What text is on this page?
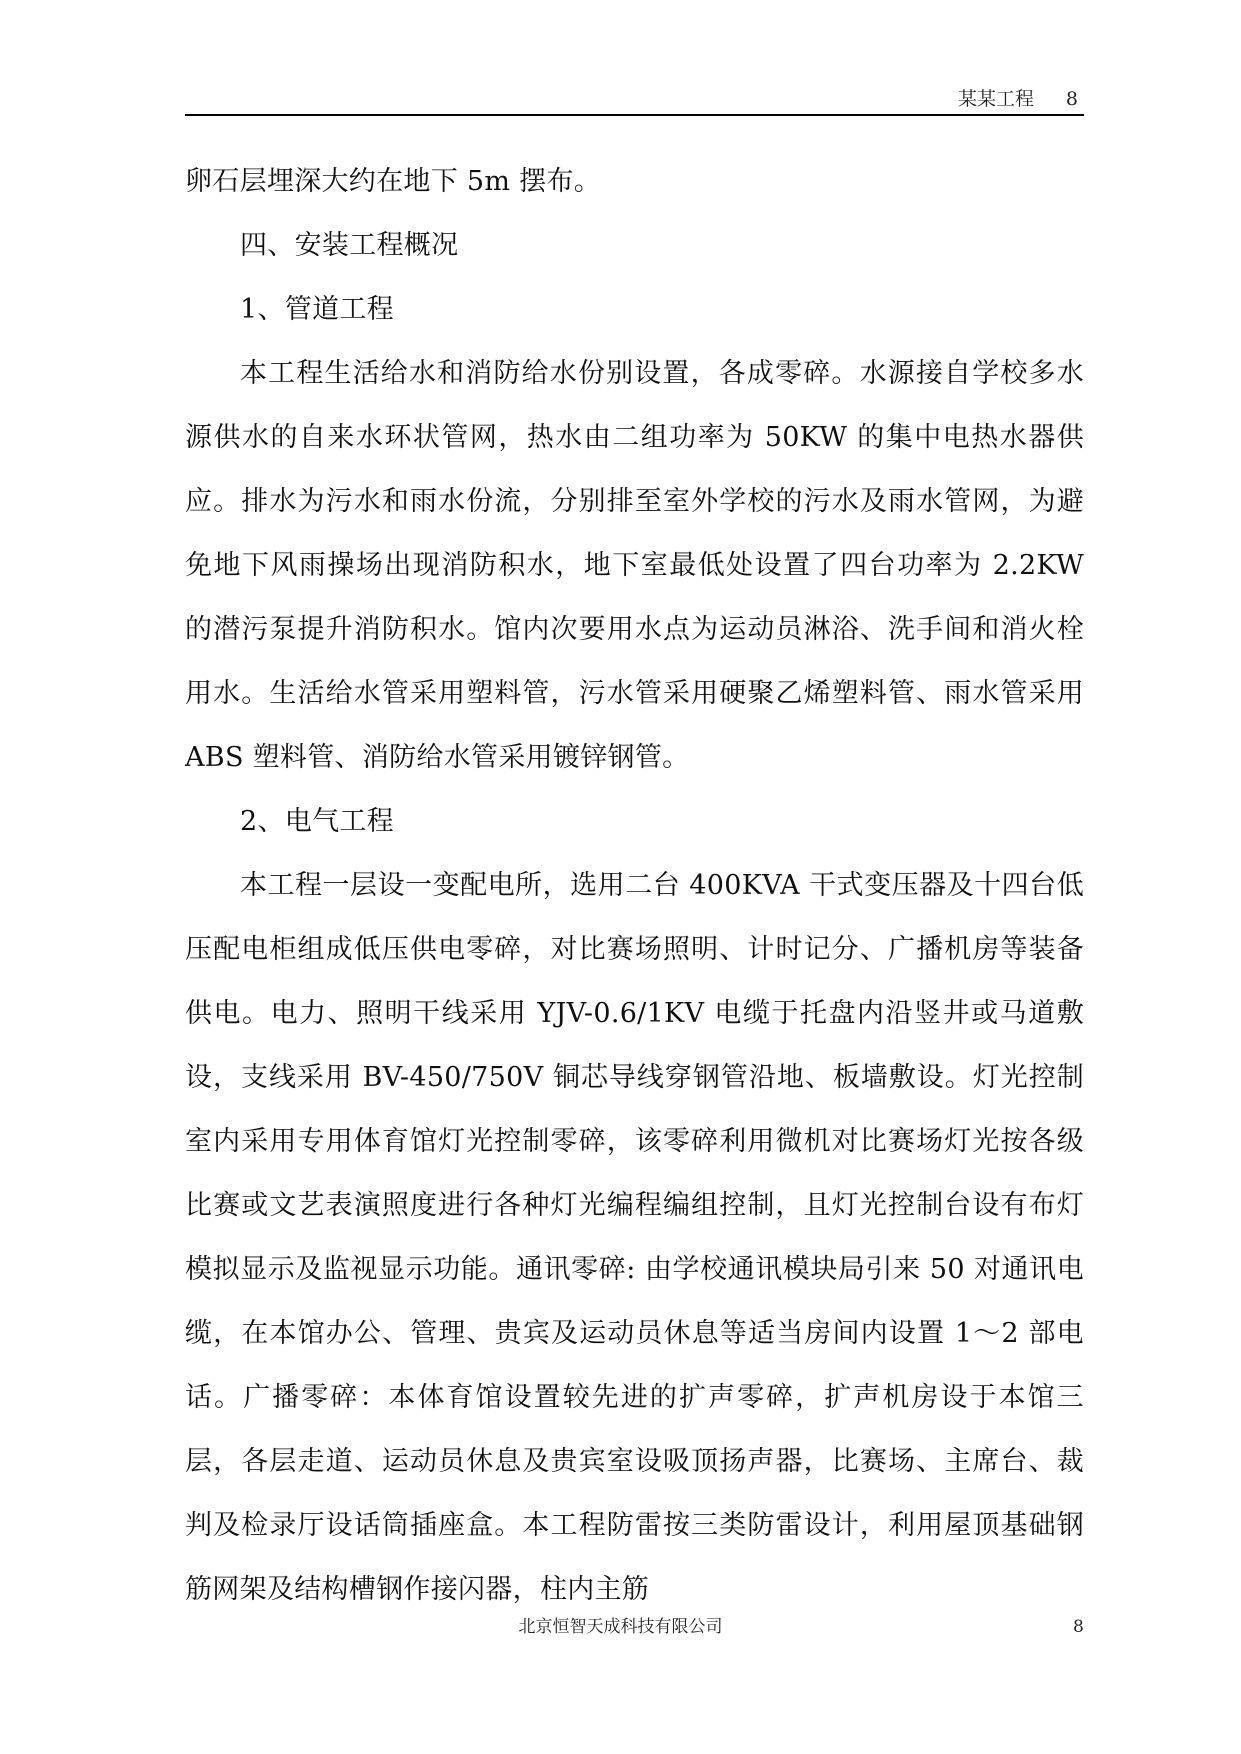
某某工程 8

卵石层埋深大约在地下 5m 摆布。

四、安装工程概况

1、管道工程

本工程生活给水和消防给水份别设置，各成零碎。水源接自学校多水源供水的自来水环状管网，热水由二组功率为 50KW 的集中电热水器供应。排水为污水和雨水份流，分别排至室外学校的污水及雨水管网，为避免地下风雨操场出现消防积水，地下室最低处设置了四台功率为 2.2KW 的潜污泵提升消防积水。馆内次要用水点为运动员淋浴、洗手间和消火栓用水。生活给水管采用塑料管，污水管采用硬聚乙烯塑料管、雨水管采用 ABS 塑料管、消防给水管采用镀锌钢管。

2、电气工程

本工程一层设一变配电所，选用二台 400KVA 干式变压器及十四台低压配电柜组成低压供电零碎，对比赛场照明、计时记分、广播机房等装备供电。电力、照明干线采用 YJV-0.6/1KV 电缆于托盘内沿竖井或马道敷设，支线采用 BV-450/750V 铜芯导线穿钢管沿地、板墙敷设。灯光控制室内采用专用体育馆灯光控制零碎，该零碎利用微机对比赛场灯光按各级比赛或文艺表演照度进行各种灯光编程编组控制，且灯光控制台设有布灯模拟显示及监视显示功能。通讯零碎: 由学校通讯模块局引来 50 对通讯电缆，在本馆办公、管理、贵宾及运动员休息等适当房间内设置 1～2 部电话。广播零碎：本体育馆设置较先进的扩声零碎，扩声机房设于本馆三层，各层走道、运动员休息及贵宾室设吸顶扬声器，比赛场、主席台、裁判及检录厅设话筒插座盒。本工程防雷按三类防雷设计，利用屋顶基础钢筋网架及结构槽钢作接闪器，柱内主筋

北京恒智天成科技有限公司	8
